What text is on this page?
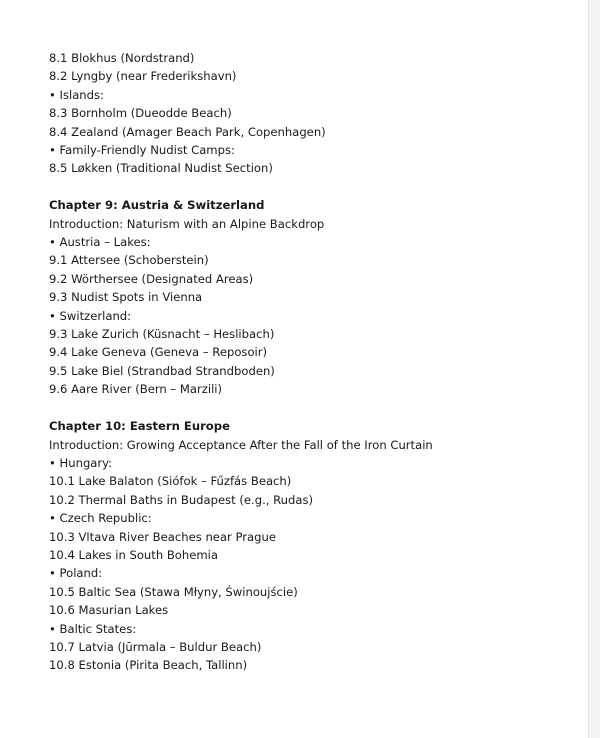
8.1 Blokhus (Nordstrand)
8.2 Lyngby (near Frederikshavn)
• Islands:
8.3 Bornholm (Dueodde Beach)
8.4 Zealand (Amager Beach Park, Copenhagen)
• Family-Friendly Nudist Camps:
8.5 Løkken (Traditional Nudist Section)
Chapter 9: Austria & Switzerland
Introduction: Naturism with an Alpine Backdrop
• Austria – Lakes:
9.1 Attersee (Schoberstein)
9.2 Wörthersee (Designated Areas)
9.3 Nudist Spots in Vienna
• Switzerland:
9.3 Lake Zurich (Küsnacht – Heslibach)
9.4 Lake Geneva (Geneva – Reposoir)
9.5 Lake Biel (Strandbad Strandboden)
9.6 Aare River (Bern – Marzili)
Chapter 10: Eastern Europe
Introduction: Growing Acceptance After the Fall of the Iron Curtain
• Hungary:
10.1 Lake Balaton (Siófok – Fűzfás Beach)
10.2 Thermal Baths in Budapest (e.g., Rudas)
• Czech Republic:
10.3 Vltava River Beaches near Prague
10.4 Lakes in South Bohemia
• Poland:
10.5 Baltic Sea (Stawa Młyny, Świnoujście)
10.6 Masurian Lakes
• Baltic States:
10.7 Latvia (Jūrmala – Buldur Beach)
10.8 Estonia (Pirita Beach, Tallinn)
